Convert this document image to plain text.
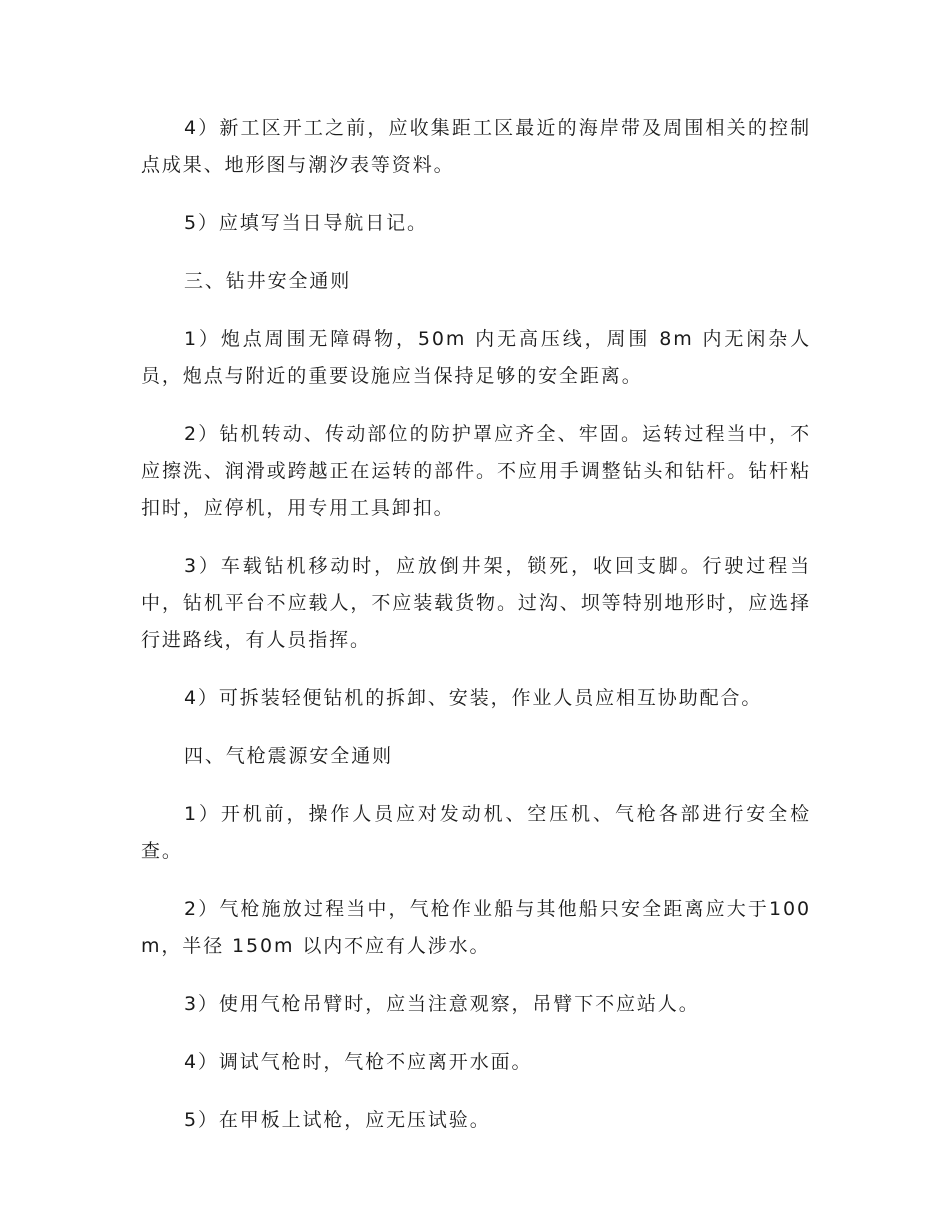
4）新工区开工之前，应收集距工区最近的海岸带及周围相关的控制点成果、地形图与潮汐表等资料。

5）应填写当日导航日记。

三、钻井安全通则

1）炮点周围无障碍物，50m 内无高压线，周围 8m 内无闲杂人员，炮点与附近的重要设施应当保持足够的安全距离。

2）钻机转动、传动部位的防护罩应齐全、牢固。运转过程当中，不应擦洗、润滑或跨越正在运转的部件。不应用手调整钻头和钻杆。钻杆粘扣时，应停机，用专用工具卸扣。

3）车载钻机移动时，应放倒井架，锁死，收回支脚。行驶过程当中，钻机平台不应载人，不应装载货物。过沟、坝等特别地形时，应选择行进路线，有人员指挥。

4）可拆装轻便钻机的拆卸、安装，作业人员应相互协助配合。

四、气枪震源安全通则

1）开机前，操作人员应对发动机、空压机、气枪各部进行安全检查。

2）气枪施放过程当中，气枪作业船与其他船只安全距离应大于100m，半径 150m 以内不应有人涉水。

3）使用气枪吊臂时，应当注意观察，吊臂下不应站人。

4）调试气枪时，气枪不应离开水面。

5）在甲板上试枪，应无压试验。
